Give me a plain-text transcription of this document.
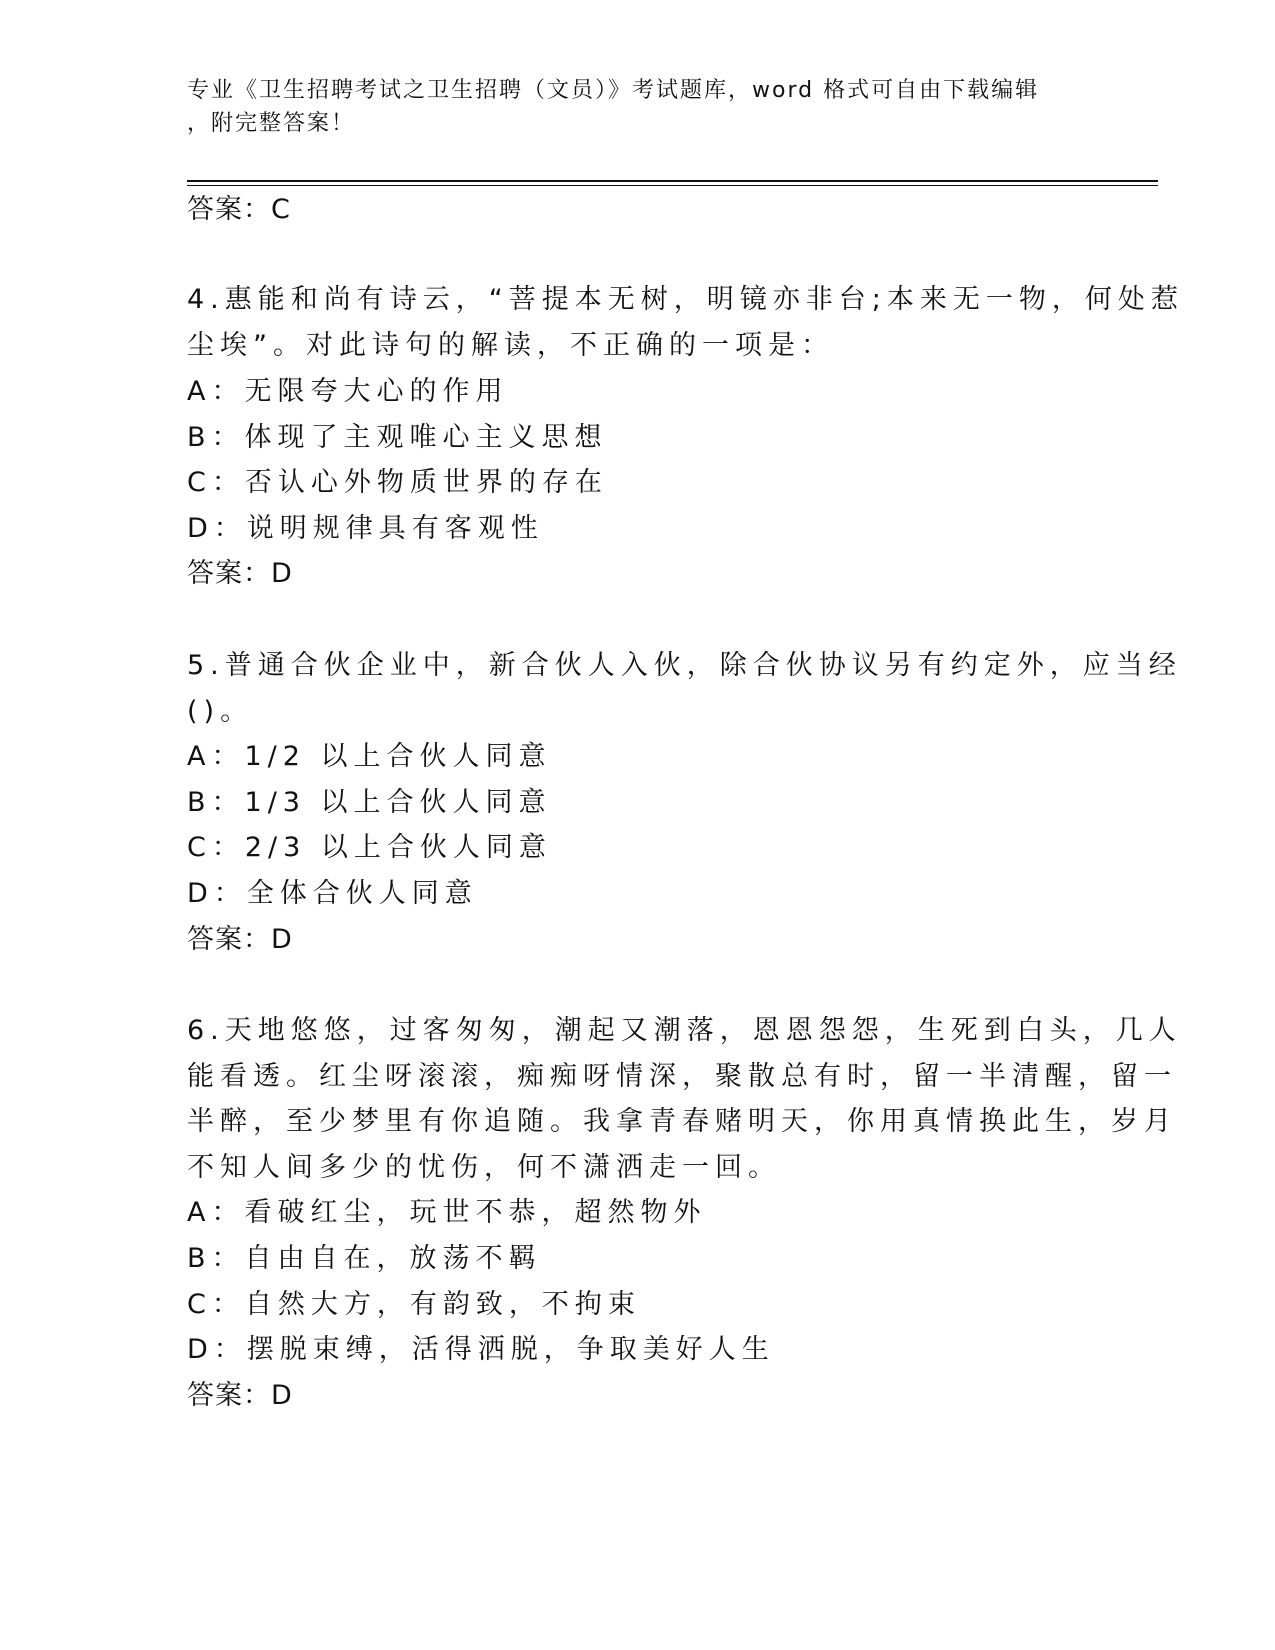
专业《卫生招聘考试之卫生招聘（文员）》考试题库，word 格式可自由下载编辑
，附完整答案！
答案：C
4.惠能和尚有诗云，“菩提本无树，明镜亦非台;本来无一物，何处惹
尘埃”。对此诗句的解读，不正确的一项是：
A：无限夸大心的作用
B：体现了主观唯心主义思想
C：否认心外物质世界的存在
D：说明规律具有客观性
答案：D
5.普通合伙企业中，新合伙人入伙，除合伙协议另有约定外，应当经
()。
A：1/2 以上合伙人同意
B：1/3 以上合伙人同意
C：2/3 以上合伙人同意
D：全体合伙人同意
答案：D
6.天地悠悠，过客匆匆，潮起又潮落，恩恩怨怨，生死到白头，几人
能看透。红尘呀滚滚，痴痴呀情深，聚散总有时，留一半清醒，留一
半醉，至少梦里有你追随。我拿青春赌明天，你用真情换此生，岁月
不知人间多少的忧伤，何不潇洒走一回。
A：看破红尘，玩世不恭，超然物外
B：自由自在，放荡不羁
C：自然大方，有韵致，不拘束
D：摆脱束缚，活得洒脱，争取美好人生
答案：D
